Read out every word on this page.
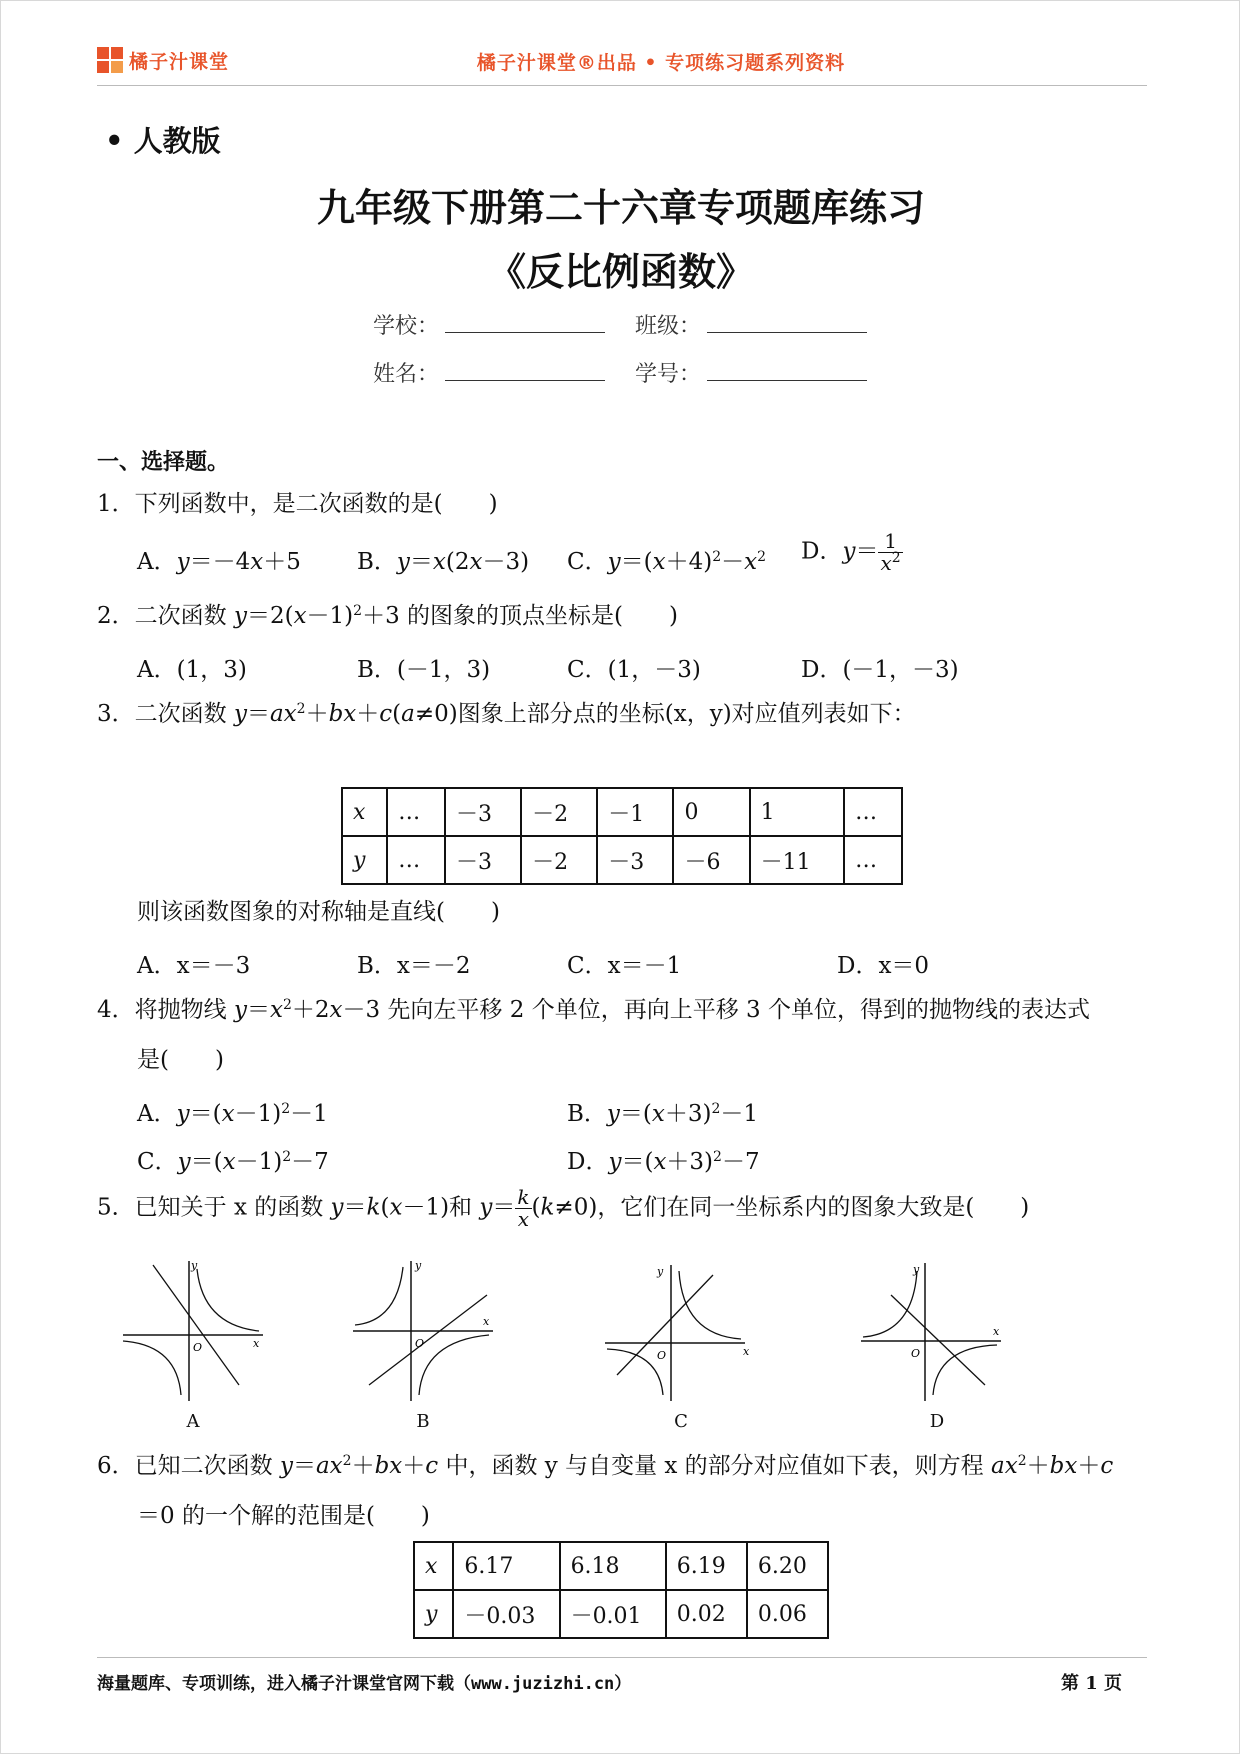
橘子汁课堂	橘子汁课堂®出品 • 专项练习题系列资料
• 人教版
九年级下册第二十六章专项题库练习
《反比例函数》
学校：	班级：
姓名：	学号：
一、选择题。
1．下列函数中，是二次函数的是(　　)
A．y＝－4x＋5 B．y＝x(2x－3) C．$y=(x+4)^2-x^2$ D．$y= \frac{1}{x^2}$
2．二次函数 $y=2(x-1)^2+3$ 的图象的顶点坐标是(　　)
A．(1，3)	B．(－1，3)	C．(1，－3)	D．(－1，－3)
3．二次函数 $y=ax^2+bx+c(a\ne 0)$图象上部分点的坐标(x，y)对应值列表如下：
x	…	－3	－2	－1	0	1	…
y	…	－3	－2	－3	－6	－11	…
则该函数图象的对称轴是直线(　　)
A．x＝－3	B．x＝－2	C．x＝－1	D．x＝0
4．将抛物线 $y=x^2+2x-3$ 先向左平移 2 个单位，再向上平移 3 个单位，得到的抛物线的表达式
是(　　)
A．$y=(x-1)^2-1$	B．$y=(x+3)^2-1$
C．$y=(x-1)^2-7$	D．$y=(x+3)^2-7$
5．已知关于 x 的函数 y＝k(x－1)和 $y= \frac{k}{x} (k\ne 0)$，它们在同一坐标系内的图象大致是(　　)
y
x
O
A
y
x
O
B
y
x
O
C
y
x
O
D
6．已知二次函数 $y=ax^2+bx+c$ 中，函数 y 与自变量 x 的部分对应值如下表，则方程 $ax^2+bx+c$
＝0 的一个解的范围是(　　)
x	6.17	6.18	6.19	6.20
y	－0.03	－0.01	0.02	0.06
海量题库、专项训练，进入橘子汁课堂官网下载（www.juzizhi.cn）	第 1 页
